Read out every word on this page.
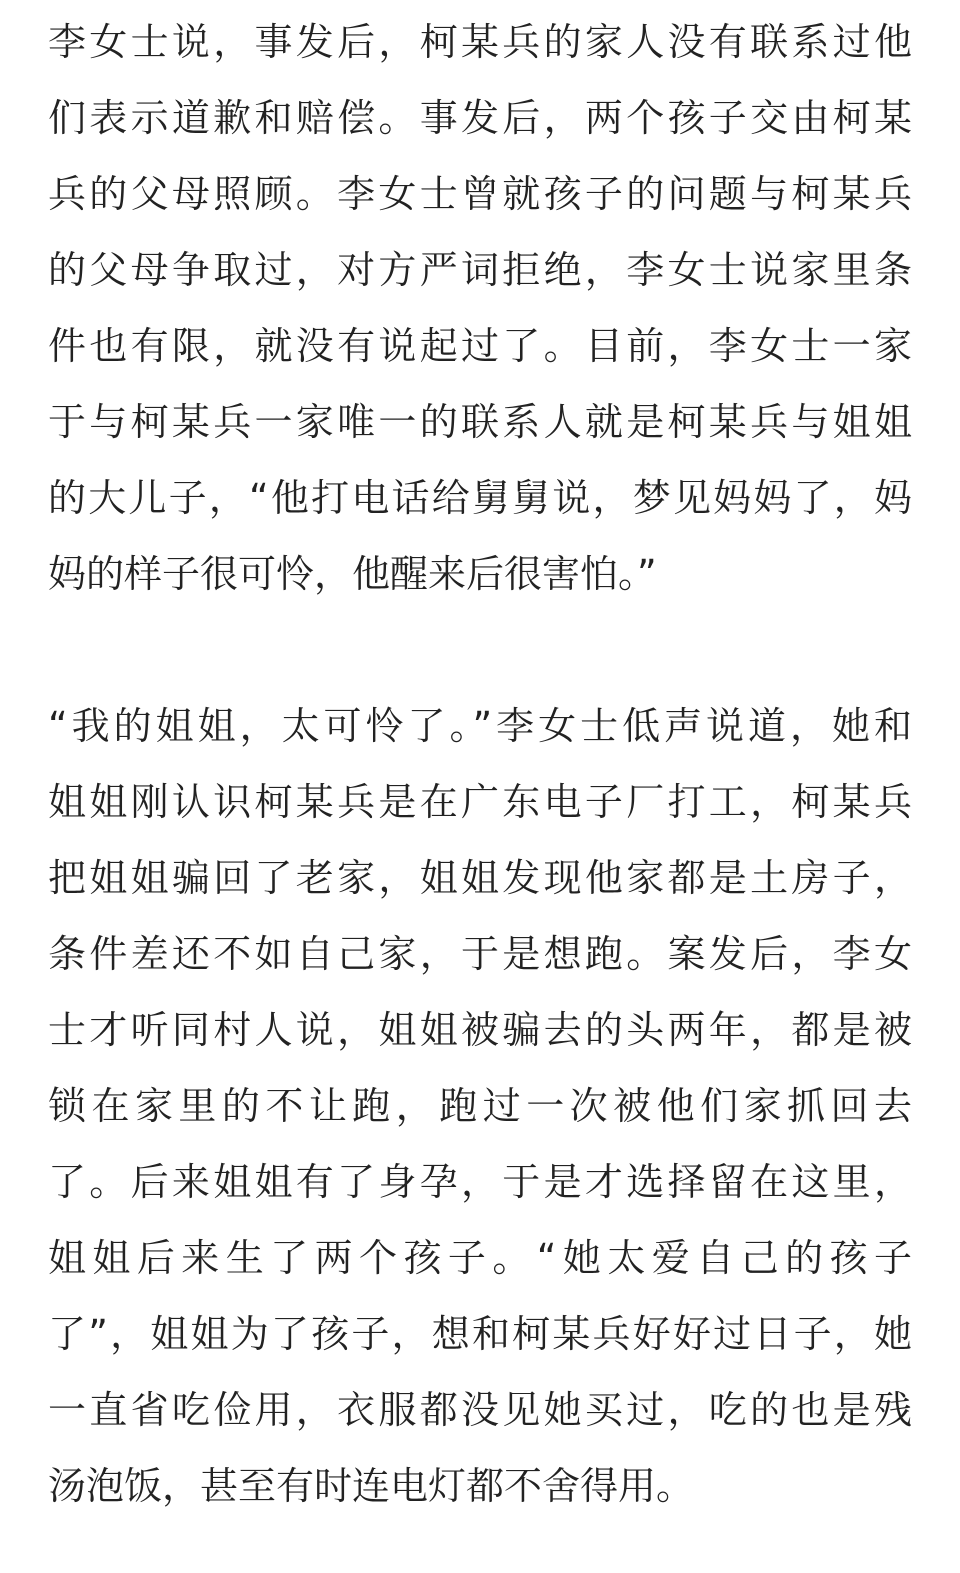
李女士说，事发后，柯某兵的家人没有联系过他
们表示道歉和赔偿。事发后，两个孩子交由柯某
兵的父母照顾。李女士曾就孩子的问题与柯某兵
的父母争取过，对方严词拒绝，李女士说家里条
件也有限，就没有说起过了。目前，李女士一家
于与柯某兵一家唯一的联系人就是柯某兵与姐姐
的大儿子，“他打电话给舅舅说，梦见妈妈了，妈
妈的样子很可怜，他醒来后很害怕。”
“我的姐姐，太可怜了。”李女士低声说道，她和
姐姐刚认识柯某兵是在广东电子厂打工，柯某兵
把姐姐骗回了老家，姐姐发现他家都是土房子，
条件差还不如自己家，于是想跑。案发后，李女
士才听同村人说，姐姐被骗去的头两年，都是被
锁在家里的不让跑，跑过一次被他们家抓回去
了。后来姐姐有了身孕，于是才选择留在这里，
姐姐后来生了两个孩子。“她太爱自己的孩子
了”，姐姐为了孩子，想和柯某兵好好过日子，她
一直省吃俭用，衣服都没见她买过，吃的也是残
汤泡饭，甚至有时连电灯都不舍得用。
